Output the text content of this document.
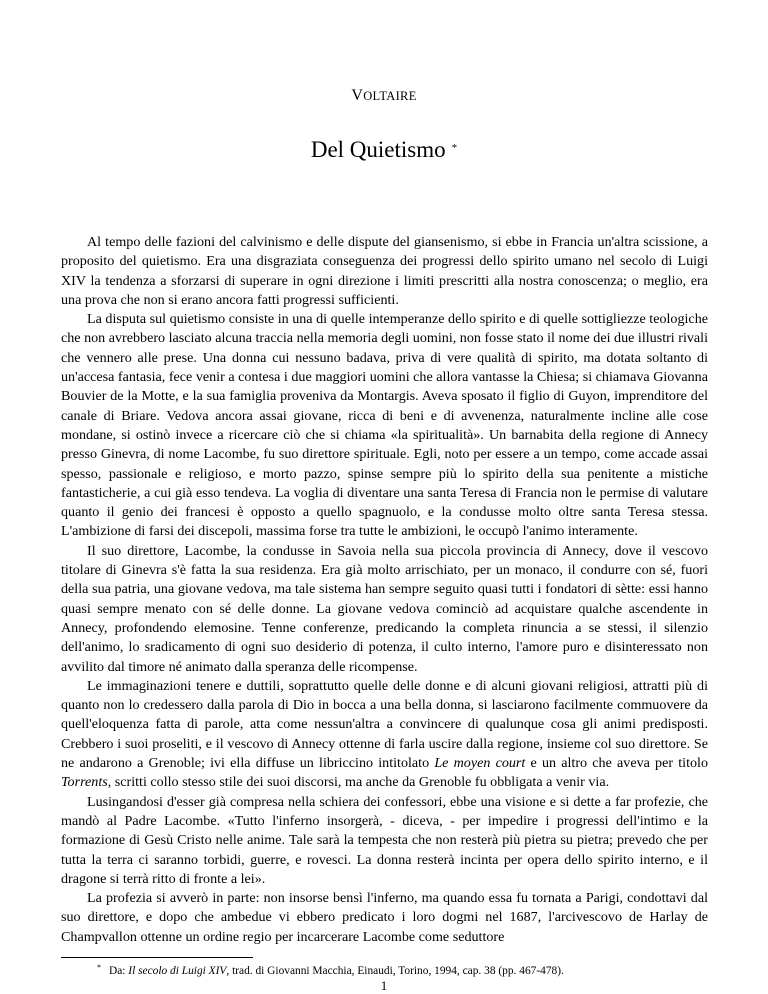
VOLTAIRE
Del Quietismo *

Al tempo delle fazioni del calvinismo e delle dispute del giansenismo, si ebbe in Francia un'altra scissione, a proposito del quietismo. Era una disgraziata conseguenza dei progressi dello spirito umano nel secolo di Luigi XIV la tendenza a sforzarsi di superare in ogni direzione i limiti prescritti alla nostra conoscenza; o meglio, era una prova che non si erano ancora fatti progressi sufficienti.

La disputa sul quietismo consiste in una di quelle intemperanze dello spirito e di quelle sottigliezze teologiche che non avrebbero lasciato alcuna traccia nella memoria degli uomini, non fosse stato il nome dei due illustri rivali che vennero alle prese. Una donna cui nessuno badava, priva di vere qualità di spirito, ma dotata soltanto di un'accesa fantasia, fece venir a contesa i due maggiori uomini che allora vantasse la Chiesa; si chiamava Giovanna Bouvier de la Motte, e la sua famiglia proveniva da Montargis. Aveva sposato il figlio di Guyon, imprenditore del canale di Briare. Vedova ancora assai giovane, ricca di beni e di avvenenza, naturalmente incline alle cose mondane, si ostinò invece a ricercare ciò che si chiama «la spiritualità». Un barnabita della regione di Annecy presso Ginevra, di nome Lacombe, fu suo direttore spirituale. Egli, noto per essere a un tempo, come accade assai spesso, passionale e religioso, e morto pazzo, spinse sempre più lo spirito della sua penitente a mistiche fantasticherie, a cui già esso tendeva. La voglia di diventare una santa Teresa di Francia non le permise di valutare quanto il genio dei francesi è opposto a quello spagnuolo, e la condusse molto oltre santa Teresa stessa. L'ambizione di farsi dei discepoli, massima forse tra tutte le ambizioni, le occupò l'animo interamente.

Il suo direttore, Lacombe, la condusse in Savoia nella sua piccola provincia di Annecy, dove il vescovo titolare di Ginevra s'è fatta la sua residenza. Era già molto arrischiato, per un monaco, il condurre con sé, fuori della sua patria, una giovane vedova, ma tale sistema han sempre seguito quasi tutti i fondatori di sètte: essi hanno quasi sempre menato con sé delle donne. La giovane vedova cominciò ad acquistare qualche ascendente in Annecy, profondendo elemosine. Tenne conferenze, predicando la completa rinuncia a se stessi, il silenzio dell'animo, lo sradicamento di ogni suo desiderio di potenza, il culto interno, l'amore puro e disinteressato non avvilito dal timore né animato dalla speranza delle ricompense.

Le immaginazioni tenere e duttili, soprattutto quelle delle donne e di alcuni giovani religiosi, attratti più di quanto non lo credessero dalla parola di Dio in bocca a una bella donna, si lasciarono facilmente commuovere da quell'eloquenza fatta di parole, atta come nessun'altra a convincere di qualunque cosa gli animi predisposti. Crebbero i suoi proseliti, e il vescovo di Annecy ottenne di farla uscire dalla regione, insieme col suo direttore. Se ne andarono a Grenoble; ivi ella diffuse un libriccino intitolato Le moyen court e un altro che aveva per titolo Torrents, scritti collo stesso stile dei suoi discorsi, ma anche da Grenoble fu obbligata a venir via.

Lusingandosi d'esser già compresa nella schiera dei confessori, ebbe una visione e si dette a far profezie, che mandò al Padre Lacombe. «Tutto l'inferno insorgerà, - diceva, - per impedire i progressi dell'intimo e la formazione di Gesù Cristo nelle anime. Tale sarà la tempesta che non resterà più pietra su pietra; prevedo che per tutta la terra ci saranno torbidi, guerre, e rovesci. La donna resterà incinta per opera dello spirito interno, e il dragone si terrà ritto di fronte a lei».

La profezia si avverò in parte: non insorse bensì l'inferno, ma quando essa fu tornata a Parigi, condottavi dal suo direttore, e dopo che ambedue vi ebbero predicato i loro dogmi nel 1687, l'arcivescovo de Harlay de Champvallon ottenne un ordine regio per incarcerare Lacombe come seduttore

* Da: Il secolo di Luigi XIV, trad. di Giovanni Macchia, Einaudi, Torino, 1994, cap. 38 (pp. 467-478).
1
